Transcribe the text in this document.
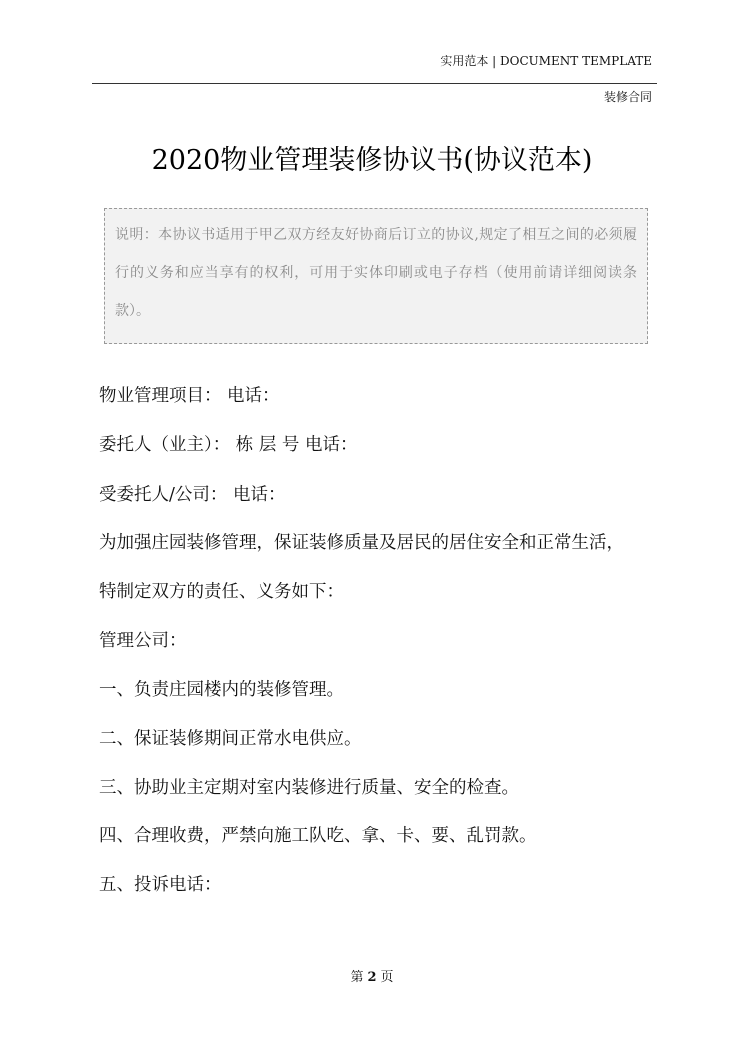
实用范本 | DOCUMENT TEMPLATE
装修合同
2020物业管理装修协议书(协议范本)
说明：本协议书适用于甲乙双方经友好协商后订立的协议,规定了相互之间的必须履行的义务和应当享有的权利，可用于实体印刷或电子存档（使用前请详细阅读条款）。
物业管理项目： 电话：
委托人（业主）： 栋 层 号 电话：
受委托人/公司： 电话：
为加强庄园装修管理，保证装修质量及居民的居住安全和正常生活，
特制定双方的责任、义务如下：
管理公司：
一、负责庄园楼内的装修管理。
二、保证装修期间正常水电供应。
三、协助业主定期对室内装修进行质量、安全的检查。
四、合理收费，严禁向施工队吃、拿、卡、要、乱罚款。
五、投诉电话：
第 2 页
